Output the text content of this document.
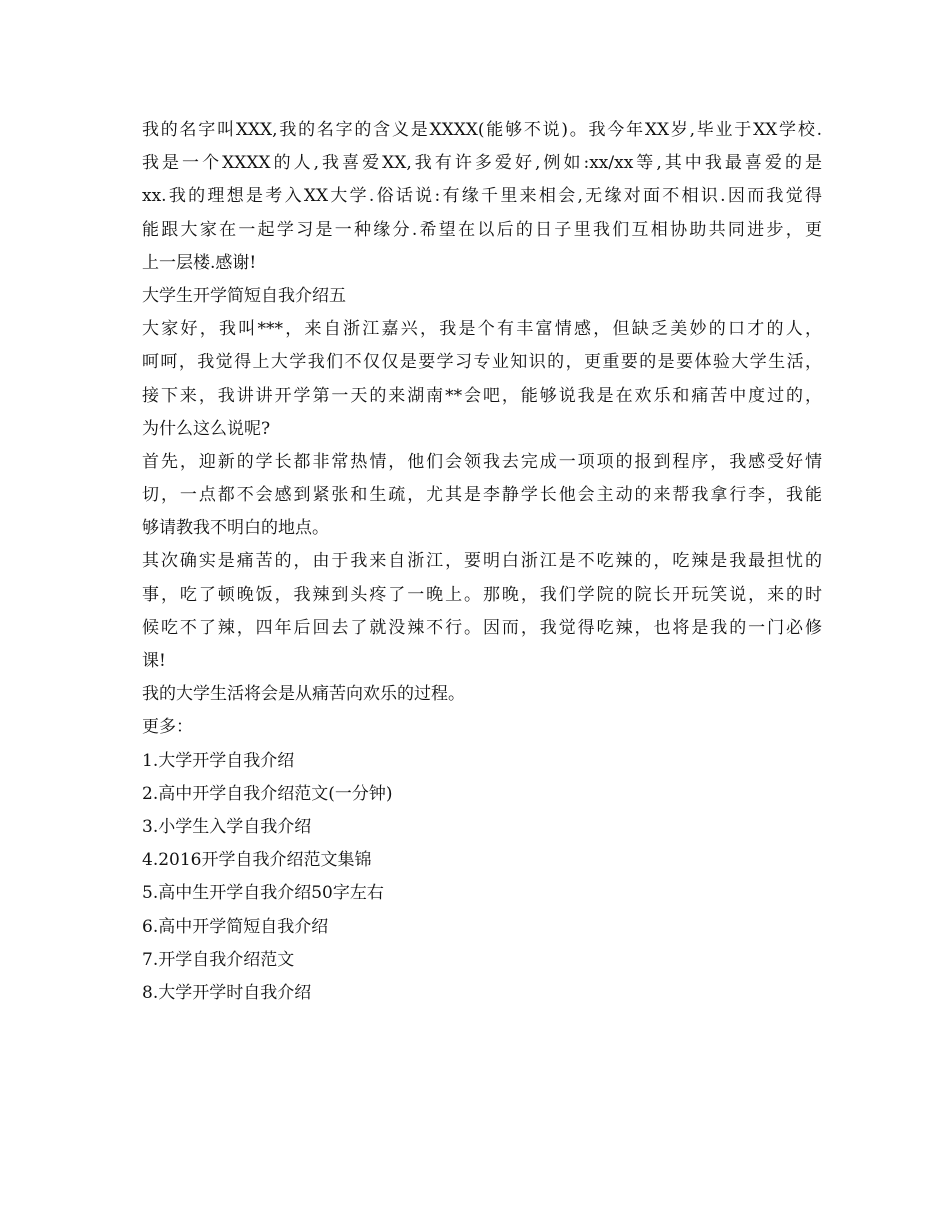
我的名字叫XXX,我的名字的含义是XXXX(能够不说)。我今年XX岁,毕业于XX学校.
我是一个XXXX的人,我喜爱XX,我有许多爱好,例如:xx/xx等,其中我最喜爱的是
xx.我的理想是考入XX大学.俗话说:有缘千里来相会,无缘对面不相识.因而我觉得
能跟大家在一起学习是一种缘分.希望在以后的日子里我们互相协助共同进步，更
上一层楼.感谢!
大学生开学简短自我介绍五
大家好，我叫***，来自浙江嘉兴，我是个有丰富情感，但缺乏美妙的口才的人，
呵呵，我觉得上大学我们不仅仅是要学习专业知识的，更重要的是要体验大学生活，
接下来，我讲讲开学第一天的来湖南**会吧，能够说我是在欢乐和痛苦中度过的，
为什么这么说呢?
首先，迎新的学长都非常热情，他们会领我去完成一项项的报到程序，我感受好情
切，一点都不会感到紧张和生疏，尤其是李静学长他会主动的来帮我拿行李，我能
够请教我不明白的地点。
其次确实是痛苦的，由于我来自浙江，要明白浙江是不吃辣的，吃辣是我最担忧的
事，吃了顿晚饭，我辣到头疼了一晚上。那晚，我们学院的院长开玩笑说，来的时
候吃不了辣，四年后回去了就没辣不行。因而，我觉得吃辣，也将是我的一门必修
课!
我的大学生活将会是从痛苦向欢乐的过程。
更多：
1.大学开学自我介绍
2.高中开学自我介绍范文(一分钟)
3.小学生入学自我介绍
4.2016开学自我介绍范文集锦
5.高中生开学自我介绍50字左右
6.高中开学简短自我介绍
7.开学自我介绍范文
8.大学开学时自我介绍
